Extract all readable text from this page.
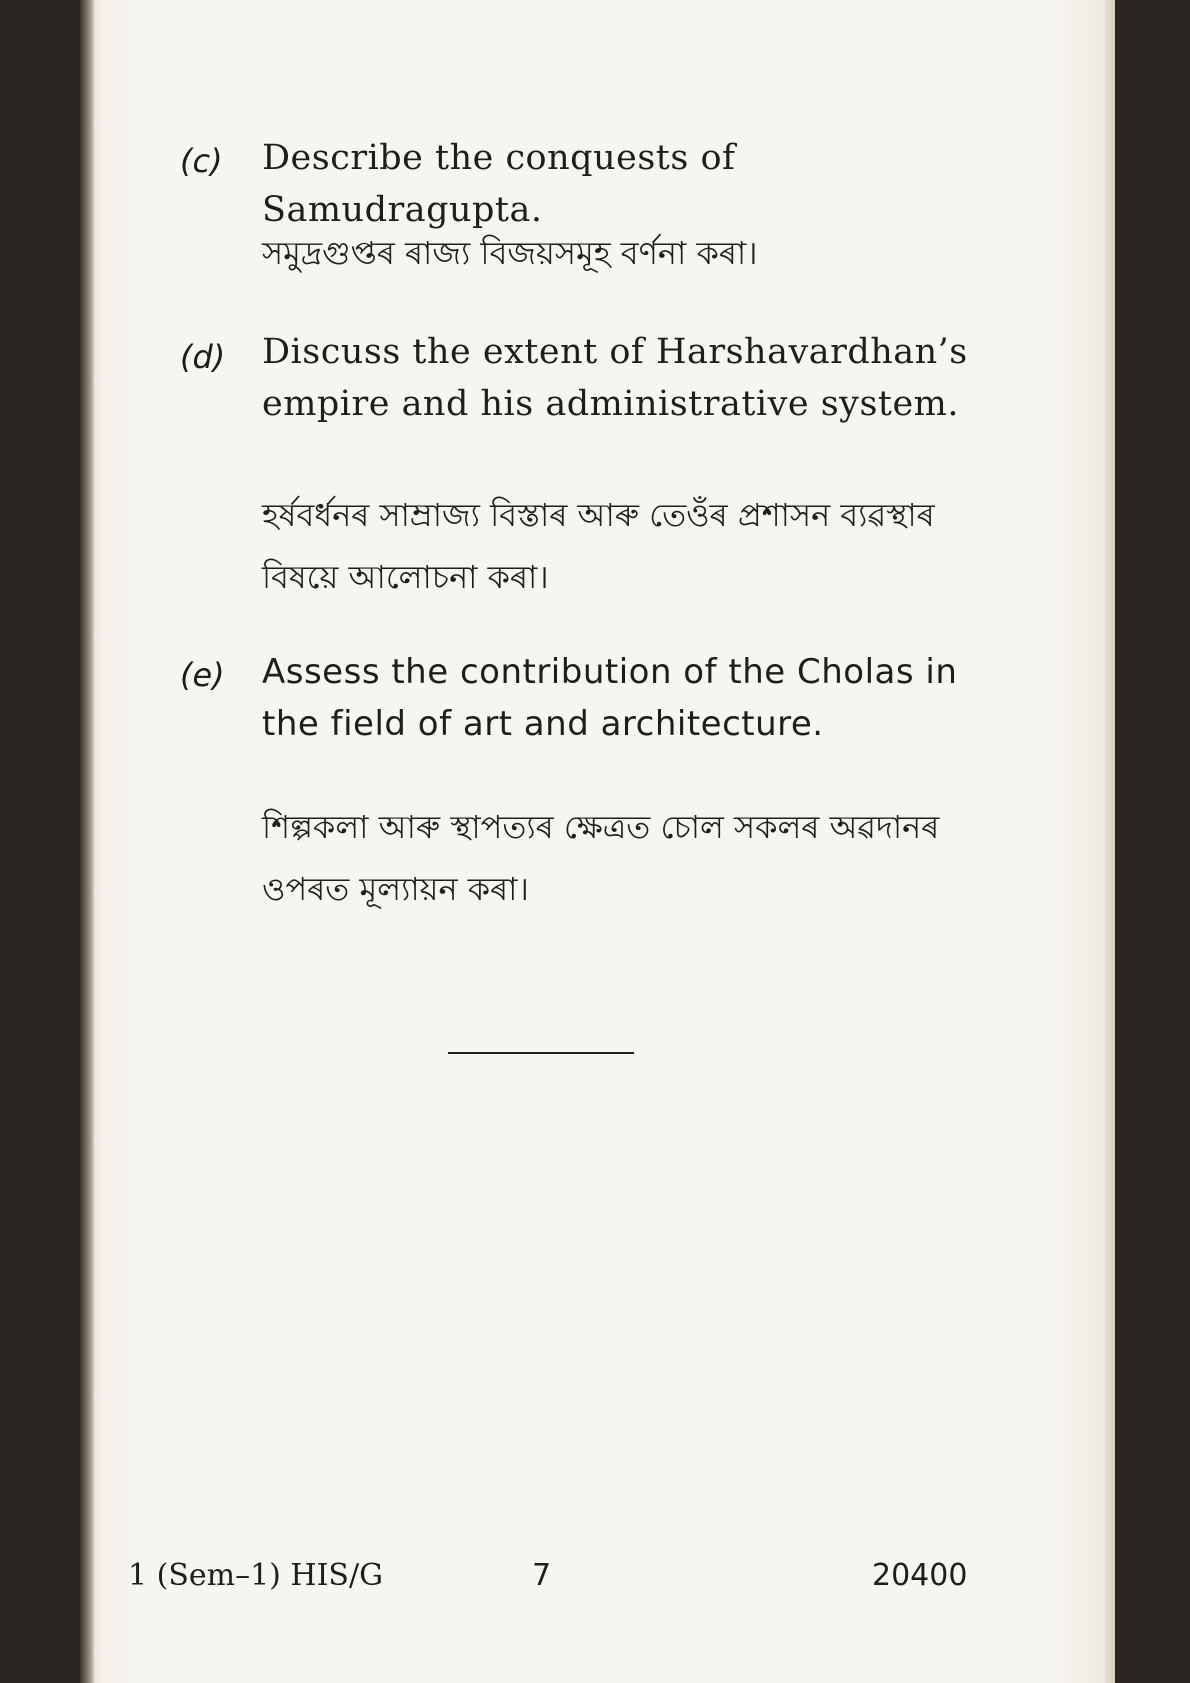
(c) Describe the conquests of Samudragupta.
সমুদ্রগুপ্তৰ ৰাজ্য বিজয়সমূহ বৰ্ণনা কৰা।
(d) Discuss the extent of Harshavardhan’s empire and his administrative system.
হৰ্ষবৰ্ধনৰ সাম্ৰাজ্য বিস্তাৰ আৰু তেওঁৰ প্ৰশাসন ব্যৱস্থাৰ বিষয়ে আলোচনা কৰা।
(e) Assess the contribution of the Cholas in the field of art and architecture.
শিল্পকলা আৰু স্থাপত্যৰ ক্ষেত্ৰত চোল সকলৰ অৱদানৰ ওপৰত মূল্যায়ন কৰা।
1 (Sem–1) HIS/G	7	20400
